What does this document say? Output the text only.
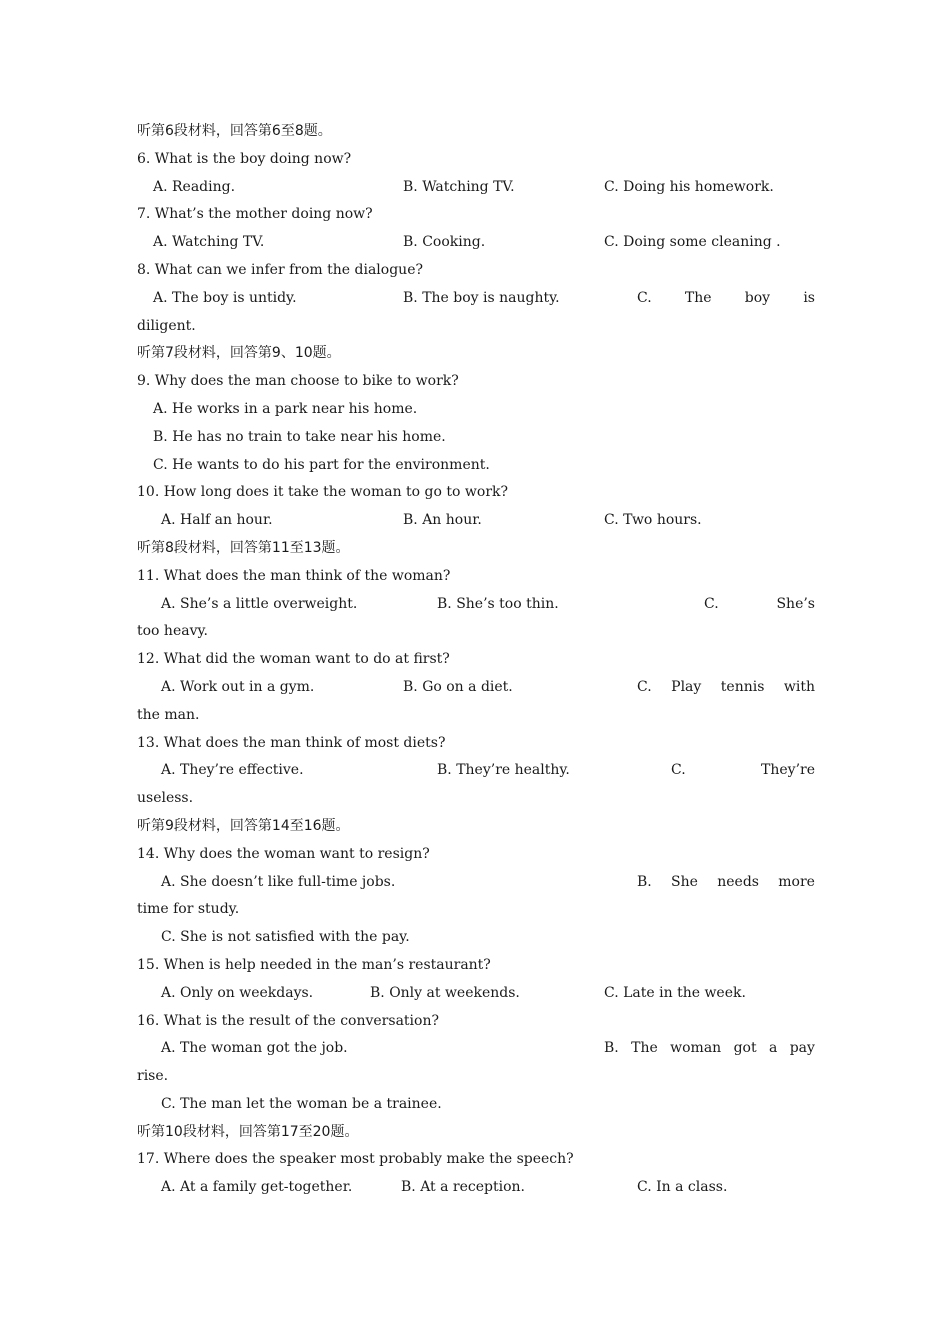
听第6段材料，回答第6至8题。
6. What is the boy doing now?

A. Reading.

	B. Watching TV.

	C. Doing his homework.

7. What’s the mother doing now?

A. Watching TV.

	B. Cooking.

	C. Doing some cleaning .

8. What can we infer from the dialogue?

A. The boy is untidy.

	B. The boy is naughty.

	C. The boy is

diligent.
听第7段材料，回答第9、10题。
9. Why does the man choose to bike to work?
A. He works in a park near his home.
B. He has no train to take near his home.
C. He wants to do his part for the environment.
10. How long does it take the woman to go to work?

A. Half an hour.

	B. An hour.

	C. Two hours.

听第8段材料，回答第11至13题。
11. What does the man think of the woman?

A. She’s a little overweight.

	B. She’s too thin.

	C.	She’s

too heavy.
12. What did the woman want to do at first?

A. Work out in a gym.

	B. Go on a diet.

	C. Play tennis with

the man.
13. What does the man think of most diets?

A. They’re effective.

	B. They’re healthy.

	C.	They’re

useless.
听第9段材料，回答第14至16题。
14. Why does the woman want to resign?

A. She doesn’t like full-time jobs.

	B. She needs more

time for study.
C. She is not satisfied with the pay.
15. When is help needed in the man’s restaurant?

A. Only on weekdays.

	B. Only at weekends.

	C. Late in the week.

16. What is the result of the conversation?

A. The woman got the job.

	B. The woman got a pay

rise.
C. The man let the woman be a trainee.
听第10段材料，回答第17至20题。
17. Where does the speaker most probably make the speech?

A. At a family get-together.

	B. At a reception.

	C. In a class.
